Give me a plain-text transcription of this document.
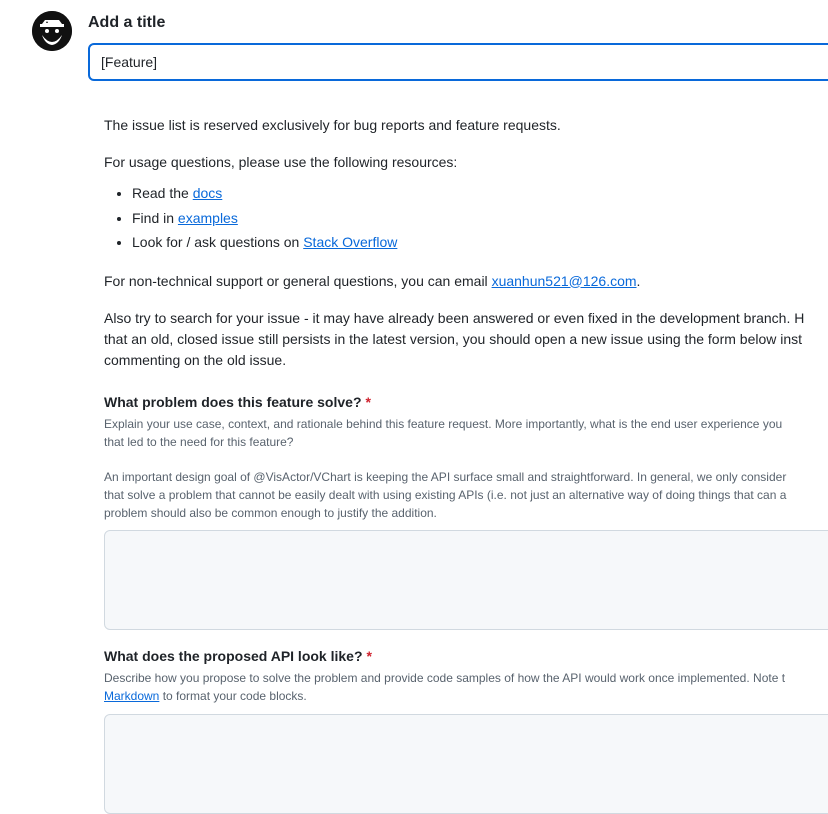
Add a title
[Feature]

The issue list is reserved exclusively for bug reports and feature requests.

For usage questions, please use the following resources:

• Read the docs
• Find in examples
• Look for / ask questions on Stack Overflow

For non-technical support or general questions, you can email xuanhun521@126.com.

Also try to search for your issue - it may have already been answered or even fixed in the development branch. H

that an old, closed issue still persists in the latest version, you should open a new issue using the form below inst

commenting on the old issue.

What problem does this feature solve? *
Explain your use case, context, and rationale behind this feature request. More importantly, what is the end user experience you
that led to the need for this feature?
An important design goal of @VisActor/VChart is keeping the API surface small and straightforward. In general, we only consider
that solve a problem that cannot be easily dealt with using existing APIs (i.e. not just an alternative way of doing things that can a
problem should also be common enough to justify the addition.
What does the proposed API look like? *
Describe how you propose to solve the problem and provide code samples of how the API would work once implemented. Note t
Markdown to format your code blocks.
